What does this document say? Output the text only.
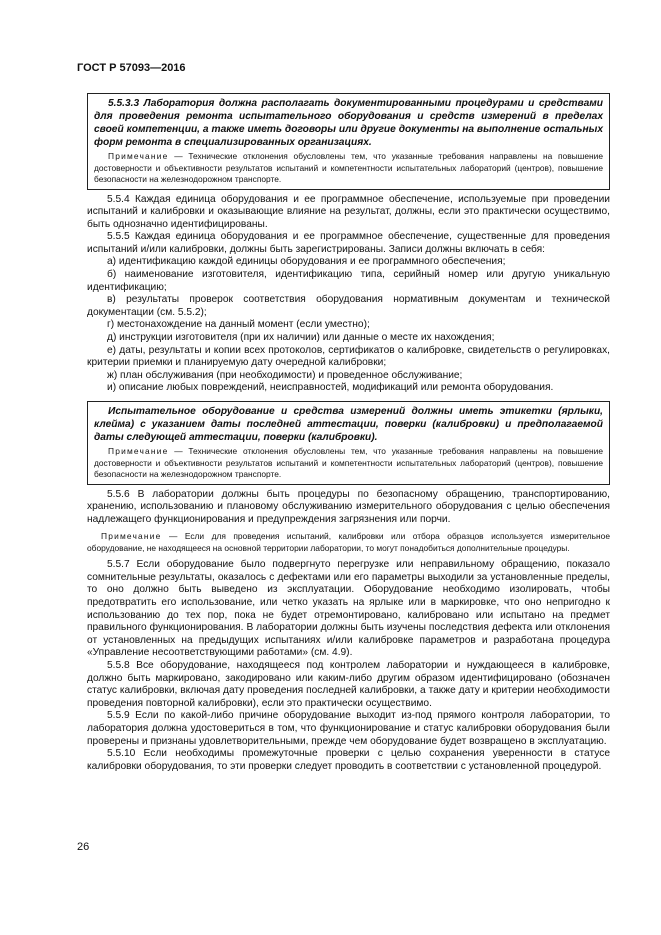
ГОСТ Р 57093—2016

5.5.3.3 Лаборатория должна располагать документированными процедурами и средствами для проведения ремонта испытательного оборудования и средств измерений в пределах своей компетенции, а также иметь договоры или другие документы на выполнение остальных форм ремонта в специализированных организациях.

Примечание — Технические отклонения обусловлены тем, что указанные требования направлены на повышение достоверности и объективности результатов испытаний и компетентности испытательных лабораторий (центров), повышение безопасности на железнодорожном транспорте.

5.5.4 Каждая единица оборудования и ее программное обеспечение, используемые при проведении испытаний и калибровки и оказывающие влияние на результат, должны, если это практически осуществимо, быть однозначно идентифицированы.

5.5.5 Каждая единица оборудования и ее программное обеспечение, существенные для проведения испытаний и/или калибровки, должны быть зарегистрированы. Записи должны включать в себя:

а) идентификацию каждой единицы оборудования и ее программного обеспечения;

б) наименование изготовителя, идентификацию типа, серийный номер или другую уникальную идентификацию;

в) результаты проверок соответствия оборудования нормативным документам и технической документации (см. 5.5.2);

г) местонахождение на данный момент (если уместно);

д) инструкции изготовителя (при их наличии) или данные о месте их нахождения;

е) даты, результаты и копии всех протоколов, сертификатов о калибровке, свидетельств о регулировках, критерии приемки и планируемую дату очередной калибровки;

ж) план обслуживания (при необходимости) и проведенное обслуживание;

и) описание любых повреждений, неисправностей, модификаций или ремонта оборудования.

Испытательное оборудование и средства измерений должны иметь этикетки (ярлыки, клейма) с указанием даты последней аттестации, поверки (калибровки) и предполагаемой даты следующей аттестации, поверки (калибровки).

Примечание — Технические отклонения обусловлены тем, что указанные требования направлены на повышение достоверности и объективности результатов испытаний и компетентности испытательных лабораторий (центров), повышение безопасности на железнодорожном транспорте.

5.5.6 В лаборатории должны быть процедуры по безопасному обращению, транспортированию, хранению, использованию и плановому обслуживанию измерительного оборудования с целью обеспечения надлежащего функционирования и предупреждения загрязнения или порчи.

Примечание — Если для проведения испытаний, калибровки или отбора образцов используется измерительное оборудование, не находящееся на основной территории лаборатории, то могут понадобиться дополнительные процедуры.

5.5.7 Если оборудование было подвергнуто перегрузке или неправильному обращению, показало сомнительные результаты, оказалось с дефектами или его параметры выходили за установленные пределы, то оно должно быть выведено из эксплуатации. Оборудование необходимо изолировать, чтобы предотвратить его использование, или четко указать на ярлыке или в маркировке, что оно непригодно к использованию до тех пор, пока не будет отремонтировано, калибровано или испытано на предмет правильного функционирования. В лаборатории должны быть изучены последствия дефекта или отклонения от установленных на предыдущих испытаниях и/или калибровке параметров и разработана процедура «Управление несоответствующими работами» (см. 4.9).

5.5.8 Все оборудование, находящееся под контролем лаборатории и нуждающееся в калибровке, должно быть маркировано, закодировано или каким-либо другим образом идентифицировано (обозначен статус калибровки, включая дату проведения последней калибровки, а также дату и критерии необходимости проведения повторной калибровки), если это практически осуществимо.

5.5.9 Если по какой-либо причине оборудование выходит из-под прямого контроля лаборатории, то лаборатория должна удостовериться в том, что функционирование и статус калибровки оборудования были проверены и признаны удовлетворительными, прежде чем оборудование будет возвращено в эксплуатацию.

5.5.10 Если необходимы промежуточные проверки с целью сохранения уверенности в статусе калибровки оборудования, то эти проверки следует проводить в соответствии с установленной процедурой.

26
